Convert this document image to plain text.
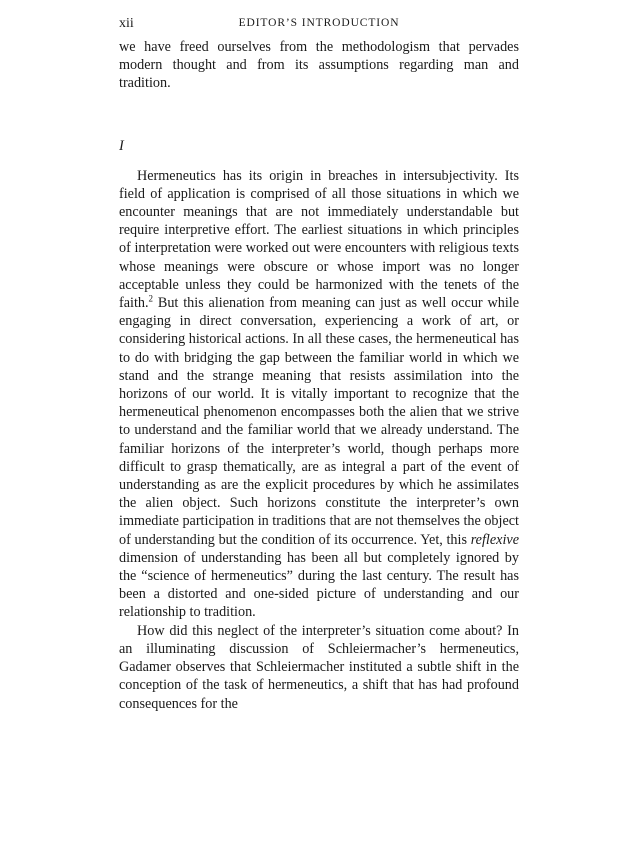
xii	EDITOR’S INTRODUCTION

we have freed ourselves from the methodologism that pervades modern thought and from its assumptions regarding man and tradition.

I

Hermeneutics has its origin in breaches in intersubjectivity. Its field of application is comprised of all those situations in which we encounter meanings that are not immediately understandable but require interpretive effort. The earliest situations in which principles of interpretation were worked out were encounters with religious texts whose meanings were obscure or whose import was no longer acceptable unless they could be harmonized with the tenets of the faith.$^2$ But this alienation from meaning can just as well occur while engaging in direct conversation, experiencing a work of art, or considering historical actions. In all these cases, the hermeneutical has to do with bridging the gap between the familiar world in which we stand and the strange meaning that resists assimilation into the horizons of our world. It is vitally important to recognize that the hermeneutical phenomenon encompasses both the alien that we strive to understand and the familiar world that we already understand. The familiar horizons of the interpreter’s world, though perhaps more difficult to grasp thematically, are as integral a part of the event of understanding as are the explicit procedures by which he assimilates the alien object. Such horizons constitute the interpreter’s own immediate participation in traditions that are not themselves the object of understanding but the condition of its occurrence. Yet, this reflexive dimension of understanding has been all but completely ignored by the “science of hermeneutics” during the last century. The result has been a distorted and one-sided picture of understanding and our relationship to tradition.

How did this neglect of the interpreter’s situation come about? In an illuminating discussion of Schleiermacher’s hermeneutics, Gadamer observes that Schleiermacher instituted a subtle shift in the conception of the task of hermeneutics, a shift that has had profound consequences for the
